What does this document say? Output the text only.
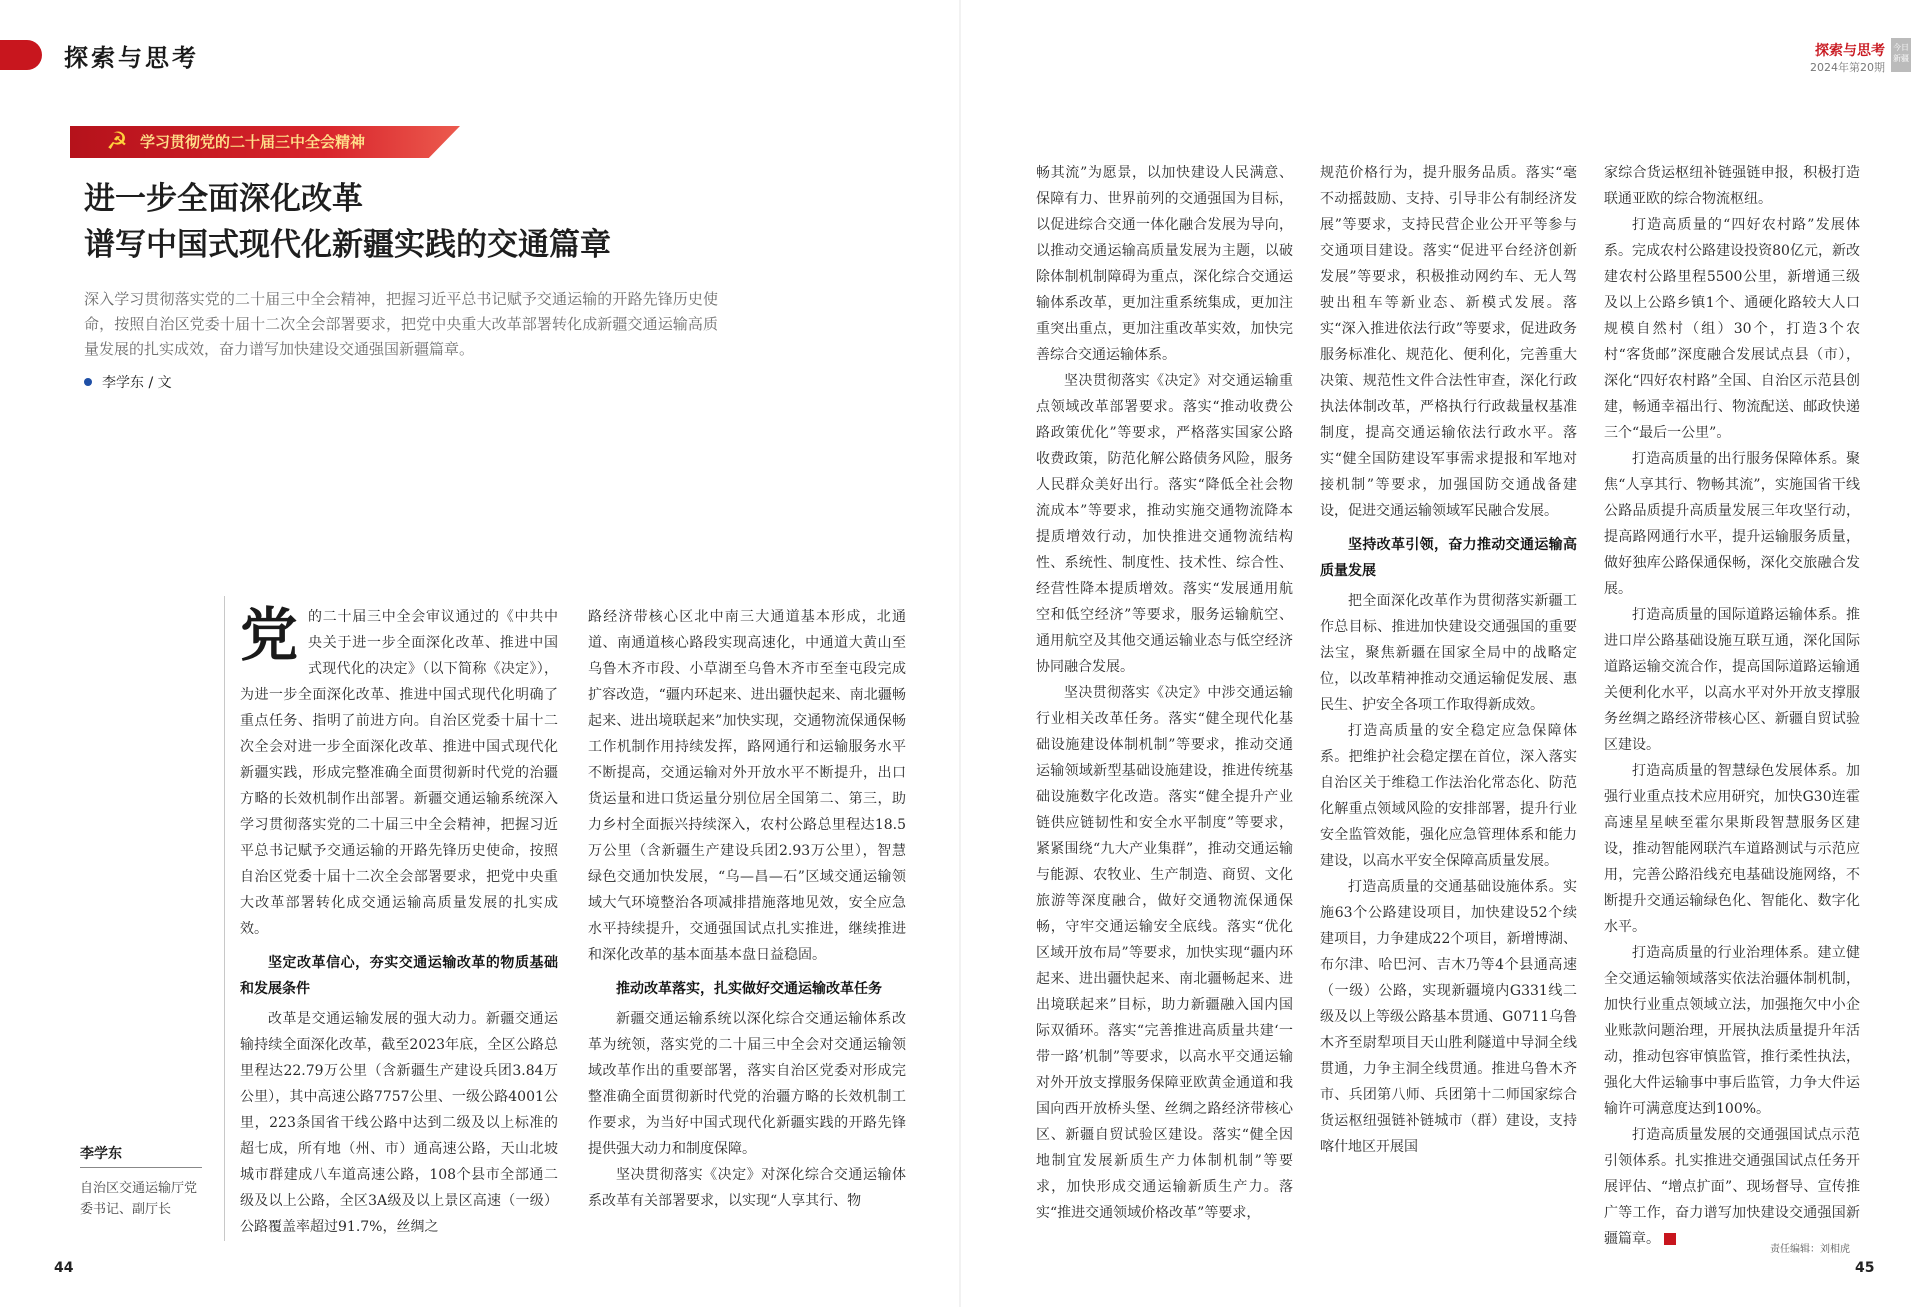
探索与思考	探索与思考
2024年第20期
今日新疆
☭ 学习贯彻党的二十届三中全会精神
进一步全面深化改革
谱写中国式现代化新疆实践的交通篇章
深入学习贯彻落实党的二十届三中全会精神，把握习近平总书记赋予交通运输的开路先锋历史使命，按照自治区党委十届十二次全会部署要求，把党中央重大改革部署转化成新疆交通运输高质量发展的扎实成效，奋力谱写加快建设交通强国新疆篇章。
李学东 / 文
李学东
自治区交通运输厅党委书记、副厅长
党 的二十届三中全会审议通过的《中共中央关于进一步全面深化改革、推进中国式现代化的决定》（以下简称《决定》），为进一步全面深化改革、推进中国式现代化明确了重点任务、指明了前进方向。自治区党委十届十二次全会对进一步全面深化改革、推进中国式现代化新疆实践，形成完整准确全面贯彻新时代党的治疆方略的长效机制作出部署。新疆交通运输系统深入学习贯彻落实党的二十届三中全会精神，把握习近平总书记赋予交通运输的开路先锋历史使命，按照自治区党委十届十二次全会部署要求，把党中央重大改革部署转化成交通运输高质量发展的扎实成效。

坚定改革信心，夯实交通运输改革的物质基础和发展条件

改革是交通运输发展的强大动力。新疆交通运输持续全面深化改革，截至2023年底，全区公路总里程达22.79万公里（含新疆生产建设兵团3.84万公里），其中高速公路7757公里、一级公路4001公里，223条国省干线公路中达到二级及以上标准的超七成，所有地（州、市）通高速公路，天山北坡城市群建成八车道高速公路，108个县市全部通二级及以上公路，全区3A级及以上景区高速（一级）公路覆盖率超过91.7%，丝绸之

路经济带核心区北中南三大通道基本形成，北通道、南通道核心路段实现高速化，中通道大黄山至乌鲁木齐市段、小草湖至乌鲁木齐市至奎屯段完成扩容改造，“疆内环起来、进出疆快起来、南北疆畅起来、进出境联起来”加快实现，交通物流保通保畅工作机制作用持续发挥，路网通行和运输服务水平不断提高，交通运输对外开放水平不断提升，出口货运量和进口货运量分别位居全国第二、第三，助力乡村全面振兴持续深入，农村公路总里程达18.5万公里（含新疆生产建设兵团2.93万公里），智慧绿色交通加快发展，“乌—昌—石”区域交通运输领域大气环境整治各项减排措施落地见效，安全应急水平持续提升，交通强国试点扎实推进，继续推进和深化改革的基本面基本盘日益稳固。

推动改革落实，扎实做好交通运输改革任务

新疆交通运输系统以深化综合交通运输体系改革为统领，落实党的二十届三中全会对交通运输领域改革作出的重要部署，落实自治区党委对形成完整准确全面贯彻新时代党的治疆方略的长效机制工作要求，为当好中国式现代化新疆实践的开路先锋提供强大动力和制度保障。

坚决贯彻落实《决定》对深化综合交通运输体系改革有关部署要求，以实现“人享其行、物

畅其流”为愿景，以加快建设人民满意、保障有力、世界前列的交通强国为目标，以促进综合交通一体化融合发展为导向，以推动交通运输高质量发展为主题，以破除体制机制障碍为重点，深化综合交通运输体系改革，更加注重系统集成，更加注重突出重点，更加注重改革实效，加快完善综合交通运输体系。

坚决贯彻落实《决定》对交通运输重点领域改革部署要求。落实“推动收费公路政策优化”等要求，严格落实国家公路收费政策，防范化解公路债务风险，服务人民群众美好出行。落实“降低全社会物流成本”等要求，推动实施交通物流降本提质增效行动，加快推进交通物流结构性、系统性、制度性、技术性、综合性、经营性降本提质增效。落实“发展通用航空和低空经济”等要求，服务运输航空、通用航空及其他交通运输业态与低空经济协同融合发展。

坚决贯彻落实《决定》中涉交通运输行业相关改革任务。落实“健全现代化基础设施建设体制机制”等要求，推动交通运输领域新型基础设施建设，推进传统基础设施数字化改造。落实“健全提升产业链供应链韧性和安全水平制度”等要求，紧紧围绕“九大产业集群”，推动交通运输与能源、农牧业、生产制造、商贸、文化旅游等深度融合，做好交通物流保通保畅，守牢交通运输安全底线。落实“优化区域开放布局”等要求，加快实现“疆内环起来、进出疆快起来、南北疆畅起来、进出境联起来”目标，助力新疆融入国内国际双循环。落实“完善推进高质量共建‘一带一路’机制”等要求，以高水平交通运输对外开放支撑服务保障亚欧黄金通道和我国向西开放桥头堡、丝绸之路经济带核心区、新疆自贸试验区建设。落实“健全因地制宜发展新质生产力体制机制”等要求，加快形成交通运输新质生产力。落实“推进交通领域价格改革”等要求，

规范价格行为，提升服务品质。落实“毫不动摇鼓励、支持、引导非公有制经济发展”等要求，支持民营企业公开平等参与交通项目建设。落实“促进平台经济创新发展”等要求，积极推动网约车、无人驾驶出租车等新业态、新模式发展。落实“深入推进依法行政”等要求，促进政务服务标准化、规范化、便利化，完善重大决策、规范性文件合法性审查，深化行政执法体制改革，严格执行行政裁量权基准制度，提高交通运输依法行政水平。落实“健全国防建设军事需求提报和军地对接机制”等要求，加强国防交通战备建设，促进交通运输领域军民融合发展。

坚持改革引领，奋力推动交通运输高质量发展

把全面深化改革作为贯彻落实新疆工作总目标、推进加快建设交通强国的重要法宝，聚焦新疆在国家全局中的战略定位，以改革精神推动交通运输促发展、惠民生、护安全各项工作取得新成效。

打造高质量的安全稳定应急保障体系。把维护社会稳定摆在首位，深入落实自治区关于维稳工作法治化常态化、防范化解重点领域风险的安排部署，提升行业安全监管效能，强化应急管理体系和能力建设，以高水平安全保障高质量发展。

打造高质量的交通基础设施体系。实施63个公路建设项目，加快建设52个续建项目，力争建成22个项目，新增博湖、布尔津、哈巴河、吉木乃等4个县通高速（一级）公路，实现新疆境内G331线二级及以上等级公路基本贯通、G0711乌鲁木齐至尉犁项目天山胜利隧道中导洞全线贯通，力争主洞全线贯通。推进乌鲁木齐市、兵团第八师、兵团第十二师国家综合货运枢纽强链补链城市（群）建设，支持喀什地区开展国

家综合货运枢纽补链强链申报，积极打造联通亚欧的综合物流枢纽。

打造高质量的“四好农村路”发展体系。完成农村公路建设投资80亿元，新改建农村公路里程5500公里，新增通三级及以上公路乡镇1个、通硬化路较大人口规模自然村（组）30个，打造3个农村“客货邮”深度融合发展试点县（市），深化“四好农村路”全国、自治区示范县创建，畅通幸福出行、物流配送、邮政快递三个“最后一公里”。

打造高质量的出行服务保障体系。聚焦“人享其行、物畅其流”，实施国省干线公路品质提升高质量发展三年攻坚行动，提高路网通行水平，提升运输服务质量，做好独库公路保通保畅，深化交旅融合发展。

打造高质量的国际道路运输体系。推进口岸公路基础设施互联互通，深化国际道路运输交流合作，提高国际道路运输通关便利化水平，以高水平对外开放支撑服务丝绸之路经济带核心区、新疆自贸试验区建设。

打造高质量的智慧绿色发展体系。加强行业重点技术应用研究，加快G30连霍高速星星峡至霍尔果斯段智慧服务区建设，推动智能网联汽车道路测试与示范应用，完善公路沿线充电基础设施网络，不断提升交通运输绿色化、智能化、数字化水平。

打造高质量的行业治理体系。建立健全交通运输领域落实依法治疆体制机制，加快行业重点领域立法，加强拖欠中小企业账款问题治理，开展执法质量提升年活动，推动包容审慎监管，推行柔性执法，强化大件运输事中事后监管，力争大件运输许可满意度达到100%。

打造高质量发展的交通强国试点示范引领体系。扎实推进交通强国试点任务开展评估、“增点扩面”、现场督导、宣传推广等工作，奋力谱写加快建设交通强国新疆篇章。	J

44
责任编辑：刘相虎
45
